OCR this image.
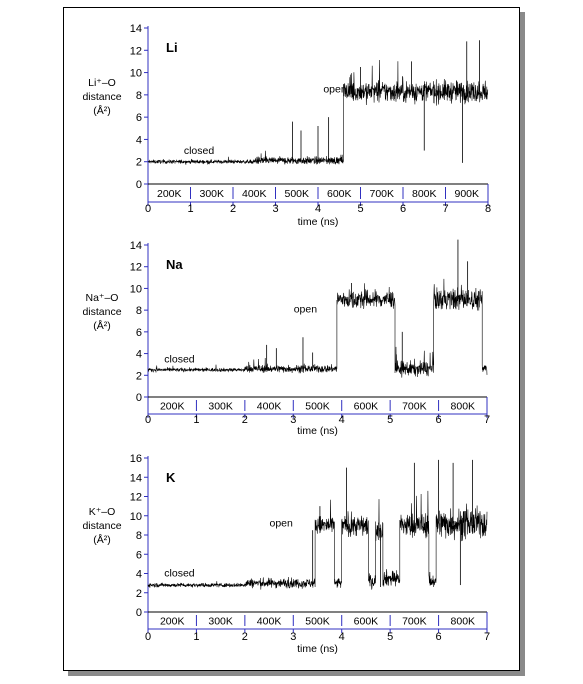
0
2
4
6
8
10
12
14
0	1	2	3	4	5	6	7	8
200K 300K 400K 500K 600K 700K 800K 900K
time (ns)
Li⁺–O
distance
(Å²)
Li
closed
open
0
2
4
6
8
10
12
14
0	1	2	3	4	5	6	7
200K 300K 400K 500K 600K 700K 800K
time (ns)
Na⁺–O
distance
(Å²)
Na
closed
open
0
2
4
6
8
10
12
14
16
0	1	2	3	4	5	6	7
200K 300K 400K 500K 600K 700K 800K
time (ns)
K⁺–O
distance
(Å²)
K
closed
open
